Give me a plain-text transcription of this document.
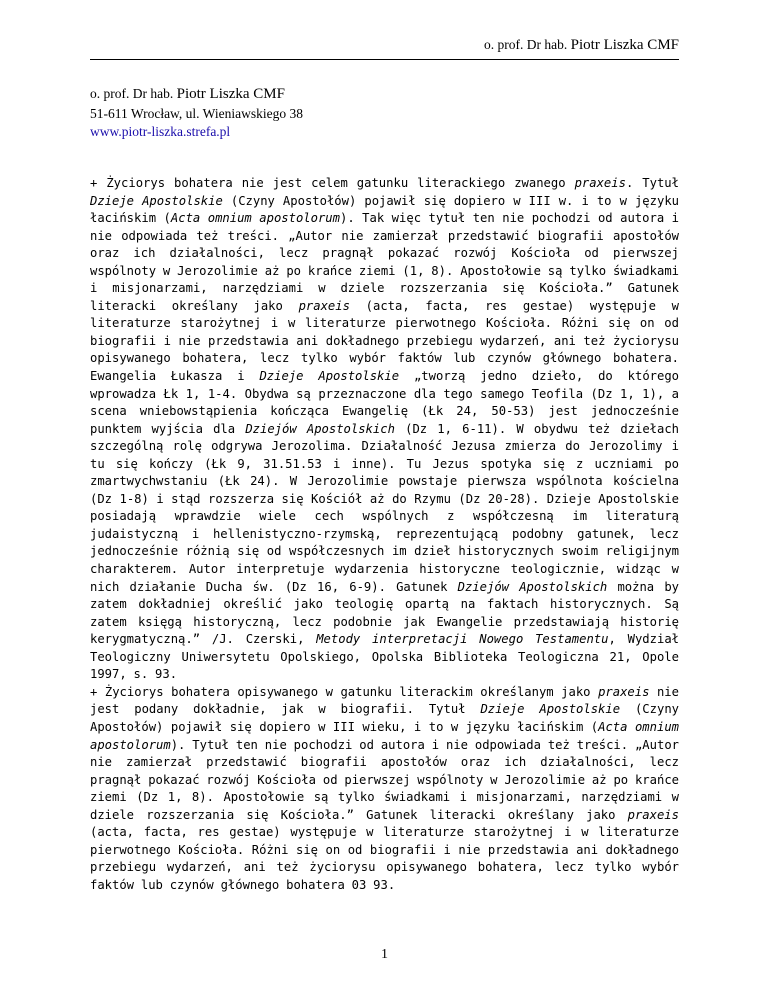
o. prof. Dr hab. Piotr Liszka CMF
o. prof. Dr hab. Piotr Liszka CMF
51-611 Wrocław, ul. Wieniawskiego 38
www.piotr-liszka.strefa.pl

+ Życiorys bohatera nie jest celem gatunku literackiego zwanego praxeis. Tytuł Dzieje Apostolskie (Czyny Apostołów) pojawił się dopiero w III w. i to w języku łacińskim (Acta omnium apostolorum). Tak więc tytuł ten nie pochodzi od autora i nie odpowiada też treści. „Autor nie zamierzał przedstawić biografii apostołów oraz ich działalności, lecz pragnął pokazać rozwój Kościoła od pierwszej wspólnoty w Jerozolimie aż po krańce ziemi (1, 8). Apostołowie są tylko świadkami i misjonarzami, narzędziami w dziele rozszerzania się Kościoła.” Gatunek literacki określany jako praxeis (acta, facta, res gestae) występuje w literaturze starożytnej i w literaturze pierwotnego Kościoła. Różni się on od biografii i nie przedstawia ani dokładnego przebiegu wydarzeń, ani też życiorysu opisywanego bohatera, lecz tylko wybór faktów lub czynów głównego bohatera. Ewangelia Łukasza i Dzieje Apostolskie „tworzą jedno dzieło, do którego wprowadza Łk 1, 1-4. Obydwa są przeznaczone dla tego samego Teofila (Dz 1, 1), a scena wniebowstąpienia kończąca Ewangelię (Łk 24, 50-53) jest jednocześnie punktem wyjścia dla Dziejów Apostolskich (Dz 1, 6-11). W obydwu też dziełach szczególną rolę odgrywa Jerozolima. Działalność Jezusa zmierza do Jerozolimy i tu się kończy (Łk 9, 31.51.53 i inne). Tu Jezus spotyka się z uczniami po zmartwychwstaniu (Łk 24). W Jerozolimie powstaje pierwsza wspólnota kościelna (Dz 1-8) i stąd rozszerza się Kościół aż do Rzymu (Dz 20-28). Dzieje Apostolskie posiadają wprawdzie wiele cech wspólnych z współczesną im literaturą judaistyczną i hellenistyczno-rzymską, reprezentującą podobny gatunek, lecz jednocześnie różnią się od współczesnych im dzieł historycznych swoim religijnym charakterem. Autor interpretuje wydarzenia historyczne teologicznie, widząc w nich działanie Ducha św. (Dz 16, 6-9). Gatunek Dziejów Apostolskich można by zatem dokładniej określić jako teologię opartą na faktach historycznych. Są zatem księgą historyczną, lecz podobnie jak Ewangelie przedstawiają historię kerygmatyczną.” /J. Czerski, Metody interpretacji Nowego Testamentu, Wydział Teologiczny Uniwersytetu Opolskiego, Opolska Biblioteka Teologiczna 21, Opole 1997, s. 93.

+ Życiorys bohatera opisywanego w gatunku literackim określanym jako praxeis nie jest podany dokładnie, jak w biografii. Tytuł Dzieje Apostolskie (Czyny Apostołów) pojawił się dopiero w III wieku, i to w języku łacińskim (Acta omnium apostolorum). Tytuł ten nie pochodzi od autora i nie odpowiada też treści. „Autor nie zamierzał przedstawić biografii apostołów oraz ich działalności, lecz pragnął pokazać rozwój Kościoła od pierwszej wspólnoty w Jerozolimie aż po krańce ziemi (Dz 1, 8). Apostołowie są tylko świadkami i misjonarzami, narzędziami w dziele rozszerzania się Kościoła.” Gatunek literacki określany jako praxeis (acta, facta, res gestae) występuje w literaturze starożytnej i w literaturze pierwotnego Kościoła. Różni się on od biografii i nie przedstawia ani dokładnego przebiegu wydarzeń, ani też życiorysu opisywanego bohatera, lecz tylko wybór faktów lub czynów głównego bohatera 03 93.

1
